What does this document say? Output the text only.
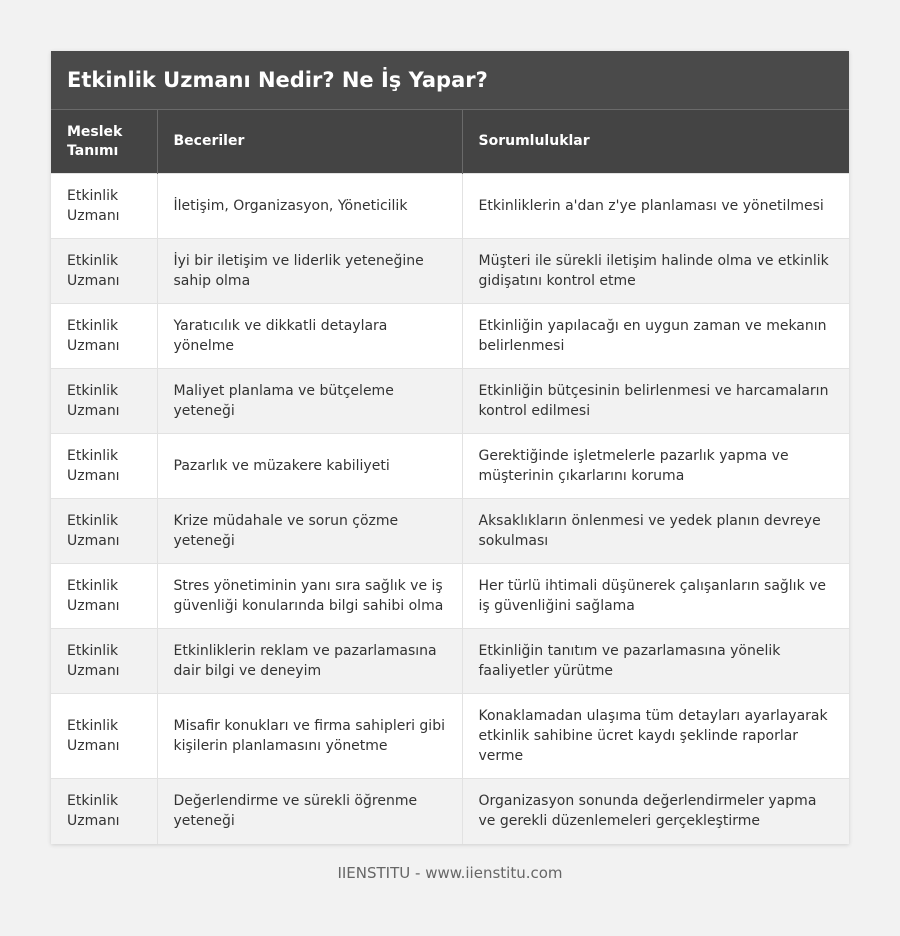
Etkinlik Uzmanı Nedir? Ne İş Yapar?
Meslek Tanımı	Beceriler	Sorumluluklar
Etkinlik Uzmanı	İletişim, Organizasyon, Yöneticilik	Etkinliklerin a'dan z'ye planlaması ve yönetilmesi
Etkinlik Uzmanı	İyi bir iletişim ve liderlik yeteneğine sahip olma	Müşteri ile sürekli iletişim halinde olma ve etkinlik gidişatını kontrol etme
Etkinlik Uzmanı	Yaratıcılık ve dikkatli detaylara yönelme	Etkinliğin yapılacağı en uygun zaman ve mekanın belirlenmesi
Etkinlik Uzmanı	Maliyet planlama ve bütçeleme yeteneği	Etkinliğin bütçesinin belirlenmesi ve harcamaların kontrol edilmesi
Etkinlik Uzmanı	Pazarlık ve müzakere kabiliyeti	Gerektiğinde işletmelerle pazarlık yapma ve müşterinin çıkarlarını koruma
Etkinlik Uzmanı	Krize müdahale ve sorun çözme yeteneği	Aksaklıkların önlenmesi ve yedek planın devreye sokulması
Etkinlik Uzmanı	Stres yönetiminin yanı sıra sağlık ve iş güvenliği konularında bilgi sahibi olma	Her türlü ihtimali düşünerek çalışanların sağlık ve iş güvenliğini sağlama
Etkinlik Uzmanı	Etkinliklerin reklam ve pazarlamasına dair bilgi ve deneyim	Etkinliğin tanıtım ve pazarlamasına yönelik faaliyetler yürütme
Etkinlik Uzmanı	Misafir konukları ve firma sahipleri gibi kişilerin planlamasını yönetme	Konaklamadan ulaşıma tüm detayları ayarlayarak etkinlik sahibine ücret kaydı şeklinde raporlar verme
Etkinlik Uzmanı	Değerlendirme ve sürekli öğrenme yeteneği	Organizasyon sonunda değerlendirmeler yapma ve gerekli düzenlemeleri gerçekleştirme
IIENSTITU - www.iienstitu.com
